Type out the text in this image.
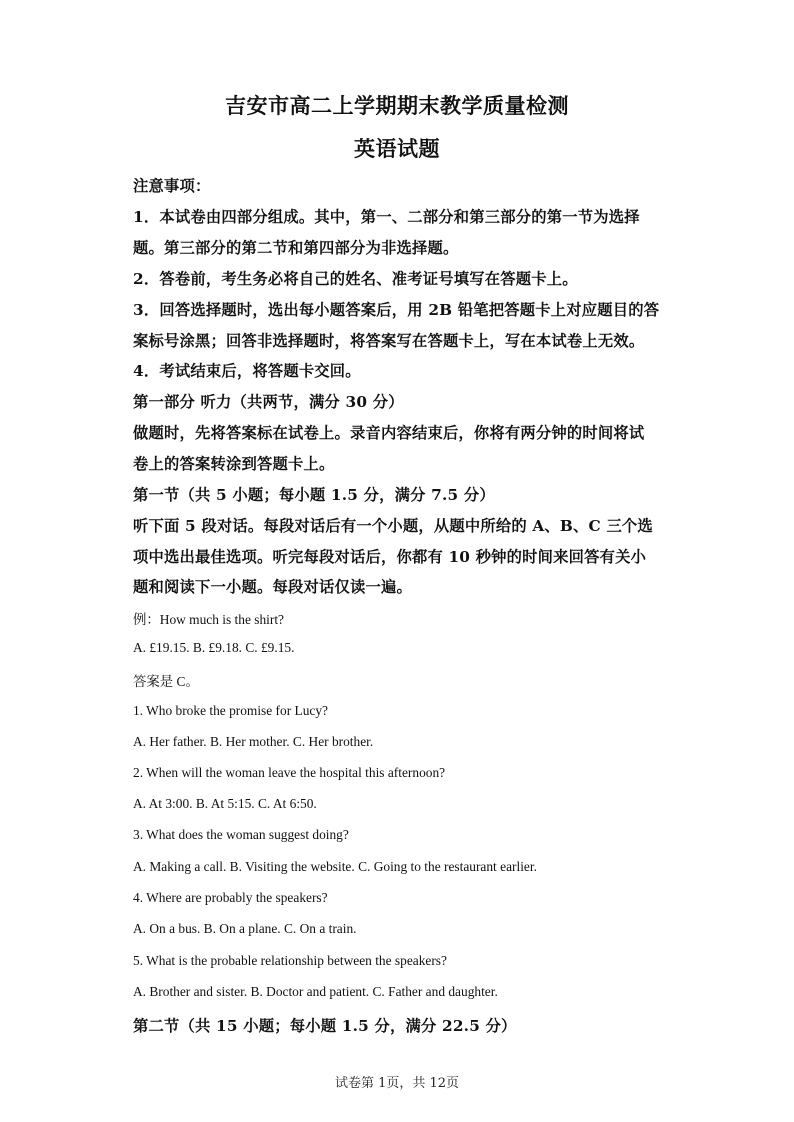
吉安市高二上学期期末教学质量检测
英语试题
注意事项：
1．本试卷由四部分组成。其中，第一、二部分和第三部分的第一节为选择
题。第三部分的第二节和第四部分为非选择题。
2．答卷前，考生务必将自己的姓名、准考证号填写在答题卡上。
3．回答选择题时，选出每小题答案后，用 2B 铅笔把答题卡上对应题目的答
案标号涂黑；回答非选择题时，将答案写在答题卡上，写在本试卷上无效。
4．考试结束后，将答题卡交回。
第一部分 听力（共两节，满分 30 分）
做题时，先将答案标在试卷上。录音内容结束后，你将有两分钟的时间将试
卷上的答案转涂到答题卡上。
第一节（共 5 小题；每小题 1.5 分，满分 7.5 分）
听下面 5 段对话。每段对话后有一个小题，从题中所给的 A、B、C 三个选
项中选出最佳选项。听完每段对话后，你都有 10 秒钟的时间来回答有关小
题和阅读下一小题。每段对话仅读一遍。
例：How much is the shirt?
A. £19.15. B. £9.18. C. £9.15.
答案是 C。
1. Who broke the promise for Lucy?
A. Her father. B. Her mother. C. Her brother.
2. When will the woman leave the hospital this afternoon?
A. At 3:00. B. At 5:15. C. At 6:50.
3. What does the woman suggest doing?
A. Making a call. B. Visiting the website. C. Going to the restaurant earlier.
4. Where are probably the speakers?
A. On a bus. B. On a plane. C. On a train.
5. What is the probable relationship between the speakers?
A. Brother and sister. B. Doctor and patient. C. Father and daughter.
第二节（共 15 小题；每小题 1.5 分，满分 22.5 分）
试卷第 1页，共 12页
